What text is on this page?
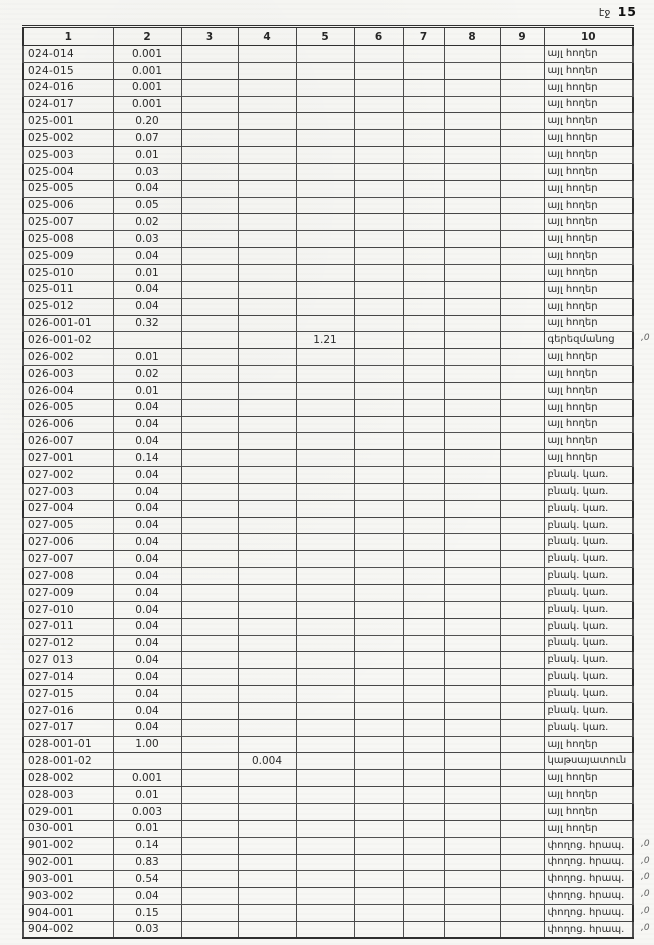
էջ 15
1	2	3	4	5	6	7	8	9	10
024-014	0.001								այլ հողեր
024-015	0.001								այլ հողեր
024-016	0.001								այլ հողեր
024-017	0.001								այլ հողեր
025-001	0.20								այլ հողեր
025-002	0.07								այլ հողեր
025-003	0.01								այլ հողեր
025-004	0.03								այլ հողեր
025-005	0.04								այլ հողեր
025-006	0.05								այլ հողեր
025-007	0.02								այլ հողեր
025-008	0.03								այլ հողեր
025-009	0.04								այլ հողեր
025-010	0.01								այլ հողեր
025-011	0.04								այլ հողեր
025-012	0.04								այլ հողեր
026-001-01	0.32								այլ հողեր
026-001-02				1.21					գերեզմանոց ,0

026-002	0.01								այլ հողեր
026-003	0.02								այլ հողեր
026-004	0.01								այլ հողեր
026-005	0.04								այլ հողեր
026-006	0.04								այլ հողեր
026-007	0.04								այլ հողեր
027-001	0.14								այլ հողեր
027-002	0.04								բնակ. կառ.
027-003	0.04								բնակ. կառ.
027-004	0.04								բնակ. կառ.
027-005	0.04								բնակ. կառ.
027-006	0.04								բնակ. կառ.
027-007	0.04								բնակ. կառ.
027-008	0.04								բնակ. կառ.
027-009	0.04								բնակ. կառ.
027-010	0.04								բնակ. կառ.
027-011	0.04								բնակ. կառ.
027-012	0.04								բնակ. կառ.
027 013	0.04								բնակ. կառ.
027-014	0.04								բնակ. կառ.
027-015	0.04								բնակ. կառ.
027-016	0.04								բնակ. կառ.
027-017	0.04								բնակ. կառ.
028-001-01	1.00								այլ հողեր
028-001-02			0.004						կաթսայատուն
028-002	0.001								այլ հողեր
028-003	0.01								այլ հողեր
029-001	0.003								այլ հողեր
030-001	0.01								այլ հողեր
901-002	0.14								փողոց. հրապ. ,0

902-001	0.83								փողոց. հրապ. ,0

903-001	0.54								փողոց. հրապ. ,0

903-002	0.04								փողոց. հրապ. ,0

904-001	0.15								փողոց. հրապ. ,0

904-002	0.03								փողոց. հրապ. ,0
